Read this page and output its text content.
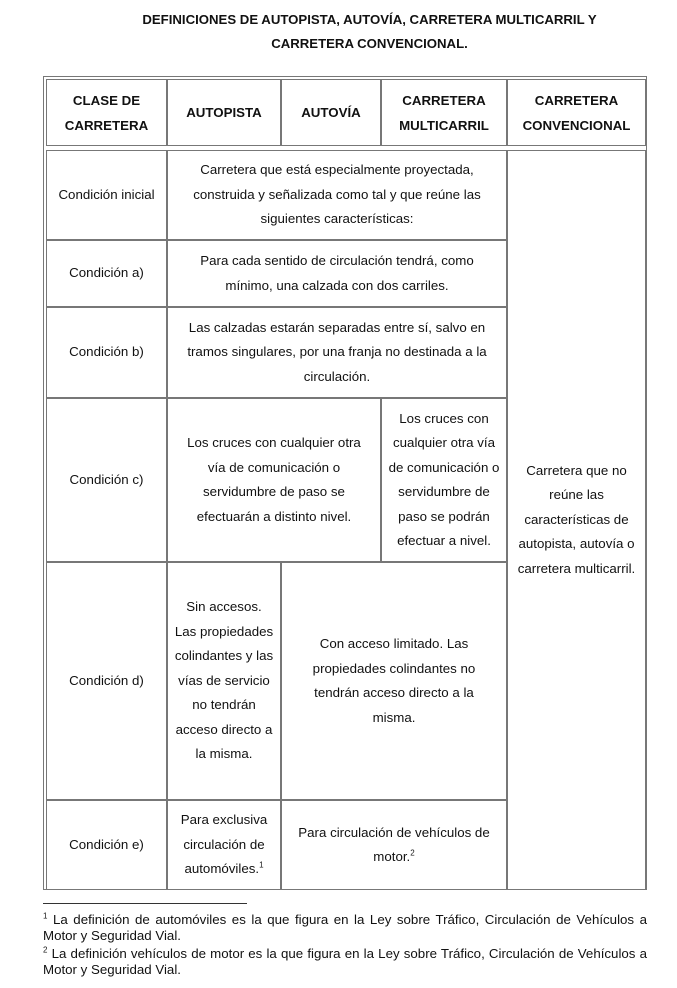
DEFINICIONES DE AUTOPISTA, AUTOVÍA, CARRETERA MULTICARRIL Y
CARRETERA CONVENCIONAL.
CLASE DE CARRETERA	AUTOPISTA	AUTOVÍA	CARRETERA MULTICARRIL	CARRETERA CONVENCIONAL

Condición inicial	Carretera que está especialmente proyectada, construida y señalizada como tal y que reúne las siguientes características:			Carretera que no reúne las características de autopista, autovía o carretera multicarril.
Condición a)	Para cada sentido de circulación tendrá, como mínimo, una calzada con dos carriles.			
Condición b)	Las calzadas estarán separadas entre sí, salvo en tramos singulares, por una franja no destinada a la circulación.			
Condición c)	Los cruces con cualquier otra vía de comunicación o servidumbre de paso se efectuarán a distinto nivel.		Los cruces con cualquier otra vía de comunicación o servidumbre de paso se podrán efectuar a nivel.	
Condición d)	Sin accesos. Las propiedades colindantes y las vías de servicio no tendrán acceso directo a la misma.	Con acceso limitado. Las propiedades colindantes no tendrán acceso directo a la misma.		
Condición e)	Para exclusiva circulación de automóviles.$^1$	Para circulación de vehículos de motor.$^2$
$^1$ La definición de automóviles es la que figura en la Ley sobre Tráfico, Circulación de Vehículos a Motor y Seguridad Vial.
$^2$ La definición vehículos de motor es la que figura en la Ley sobre Tráfico, Circulación de Vehículos a Motor y Seguridad Vial.
